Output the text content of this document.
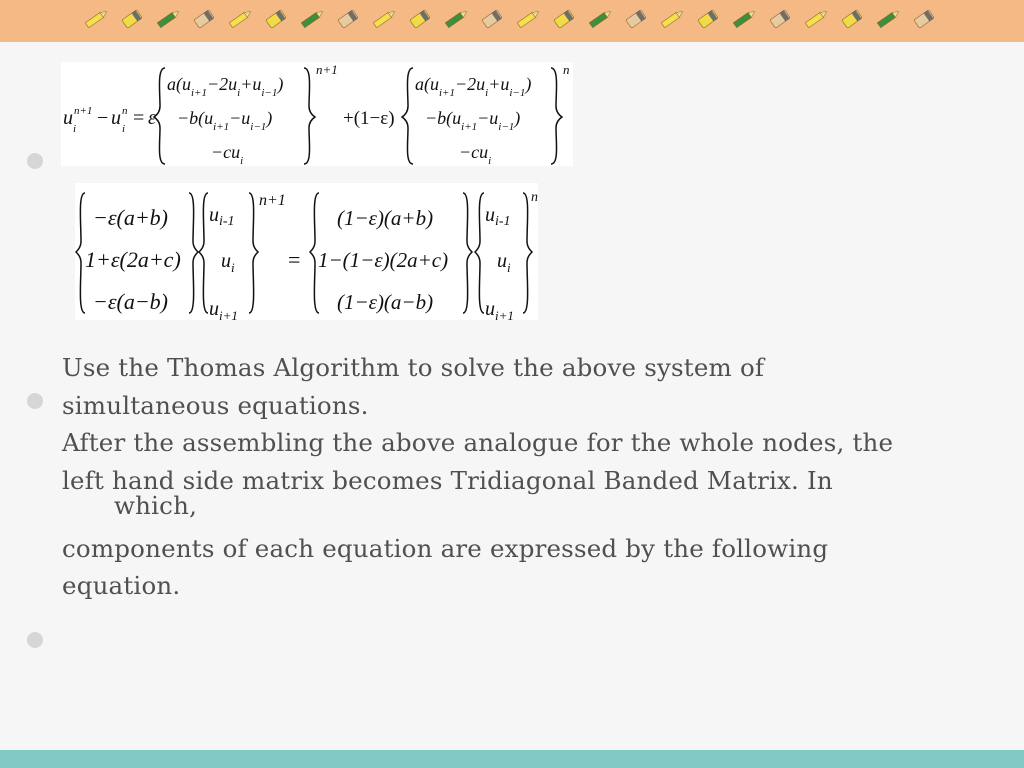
u n+1
i − u n
i = ε
$a(u_{i+1}-2u_i+u_{i-1})$
$-b(u_{i+1}-u_{i-1})$
$-cu_i$
n+1
+(1−ε)
$a(u_{i+1}-2u_i+u_{i-1})$
$-b(u_{i+1}-u_{i-1})$
$-cu_i$
n
−ε(a+b)
1+ε(2a+c)
−ε(a−b)
$u_{i-1}$
$u_i$
$u_{i+1}$
n+1
=
(1−ε)(a+b)
1−(1−ε)(2a+c)
(1−ε)(a−b)
$u_{i-1}$
$u_i$
$u_{i+1}$
n
Use the Thomas Algorithm to solve the above system of
simultaneous equations.
After the assembling the above analogue for the whole nodes, the
left hand side matrix becomes Tridiagonal Banded Matrix. In
which,
components of each equation are expressed by the following
equation.
